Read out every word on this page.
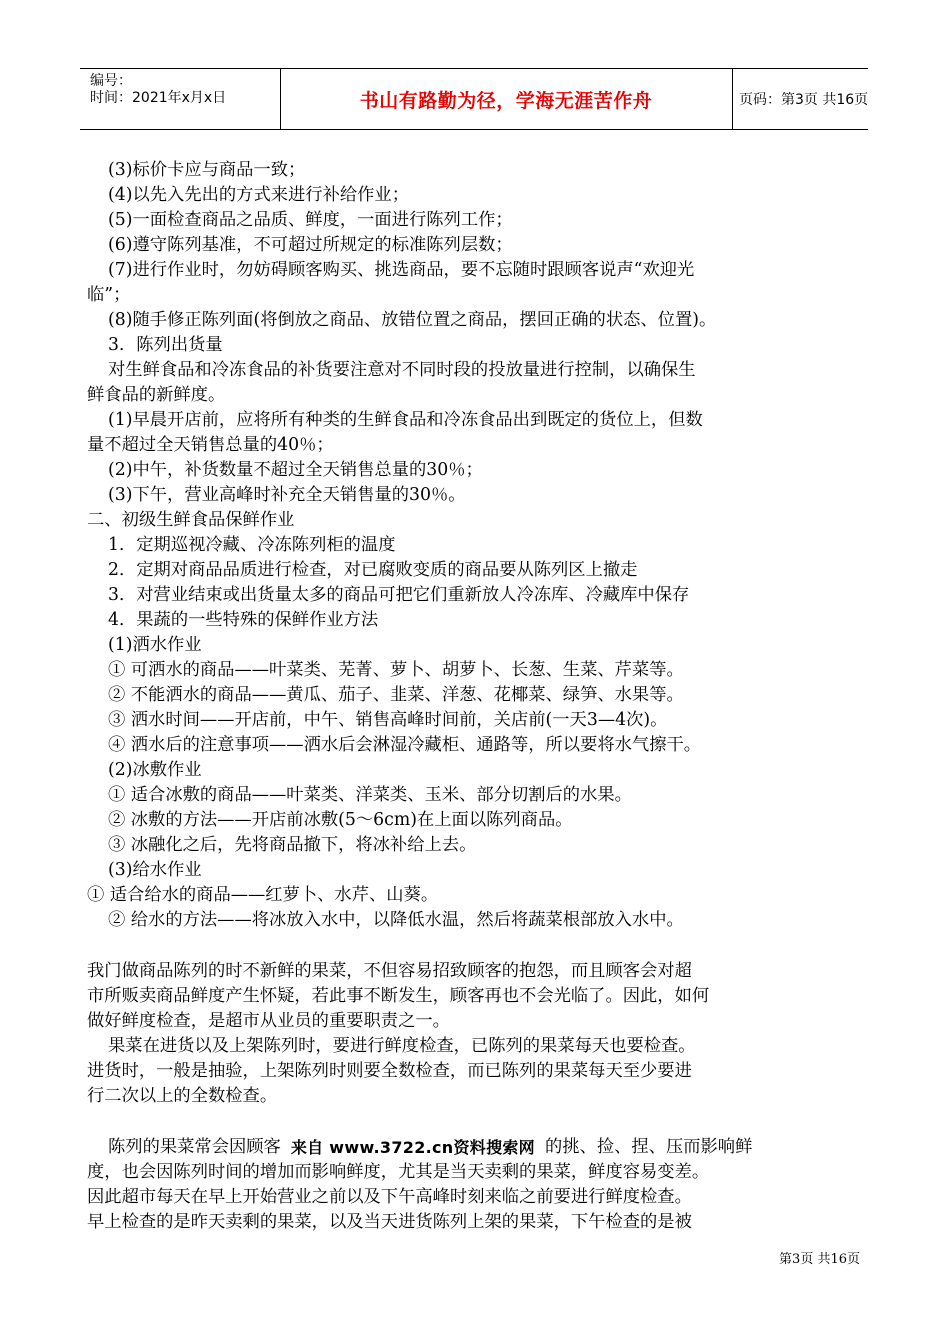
编号：
时间：2021年x月x日	书山有路勤为径，学海无涯苦作舟	页码：第3页 共16页
(3)标价卡应与商品一致；
(4)以先入先出的方式来进行补给作业；
(5)一面检查商品之品质、鲜度，一面进行陈列工作；
(6)遵守陈列基准，不可超过所规定的标准陈列层数；
(7)进行作业时，勿妨碍顾客购买、挑选商品，要不忘随时跟顾客说声“欢迎光
临”；
(8)随手修正陈列面(将倒放之商品、放错位置之商品，摆回正确的状态、位置)。
3．陈列出货量
对生鲜食品和冷冻食品的补货要注意对不同时段的投放量进行控制，以确保生
鲜食品的新鲜度。
(1)早晨开店前，应将所有种类的生鲜食品和冷冻食品出到既定的货位上，但数
量不超过全天销售总量的40％；
(2)中午，补货数量不超过全天销售总量的30％；
(3)下午，营业高峰时补充全天销售量的30％。
二、初级生鲜食品保鲜作业
1．定期巡视冷藏、冷冻陈列柜的温度
2．定期对商品品质进行检查，对已腐败变质的商品要从陈列区上撤走
3．对营业结束或出货量太多的商品可把它们重新放人冷冻库、冷藏库中保存
4．果蔬的一些特殊的保鲜作业方法
(1)洒水作业
① 可洒水的商品——叶菜类、芜菁、萝卜、胡萝卜、长葱、生菜、芹菜等。
② 不能洒水的商品——黄瓜、茄子、韭菜、洋葱、花椰菜、绿笋、水果等。
③ 洒水时间——开店前，中午、销售高峰时间前，关店前(一天3—4次)。
④ 洒水后的注意事项——洒水后会淋湿冷藏柜、通路等，所以要将水气擦干。
(2)冰敷作业
① 适合冰敷的商品——叶菜类、洋菜类、玉米、部分切割后的水果。
② 冰敷的方法——开店前冰敷(5～6cm)在上面以陈列商品。
③ 冰融化之后，先将商品撤下，将冰补给上去。
(3)给水作业
① 适合给水的商品——红萝卜、水芹、山葵。
② 给水的方法——将冰放入水中，以降低水温，然后将蔬菜根部放入水中。
我门做商品陈列的时不新鲜的果菜，不但容易招致顾客的抱怨，而且顾客会对超
市所贩卖商品鲜度产生怀疑，若此事不断发生，顾客再也不会光临了。因此，如何
做好鲜度检查，是超市从业员的重要职责之一。
果菜在进货以及上架陈列时，要进行鲜度检查，已陈列的果菜每天也要检查。
进货时，一般是抽验，上架陈列时则要全数检查，而已陈列的果菜每天至少要进
行二次以上的全数检查。
陈列的果菜常会因顾客 来自 www.3722.cn资料搜索网 的挑、捡、捏、压而影响鲜
度，也会因陈列时间的增加而影响鲜度，尤其是当天卖剩的果菜，鲜度容易变差。
因此超市每天在早上开始营业之前以及下午高峰时刻来临之前要进行鲜度检查。
早上检查的是昨天卖剩的果菜，以及当天进货陈列上架的果菜，下午检查的是被
第3页 共16页
